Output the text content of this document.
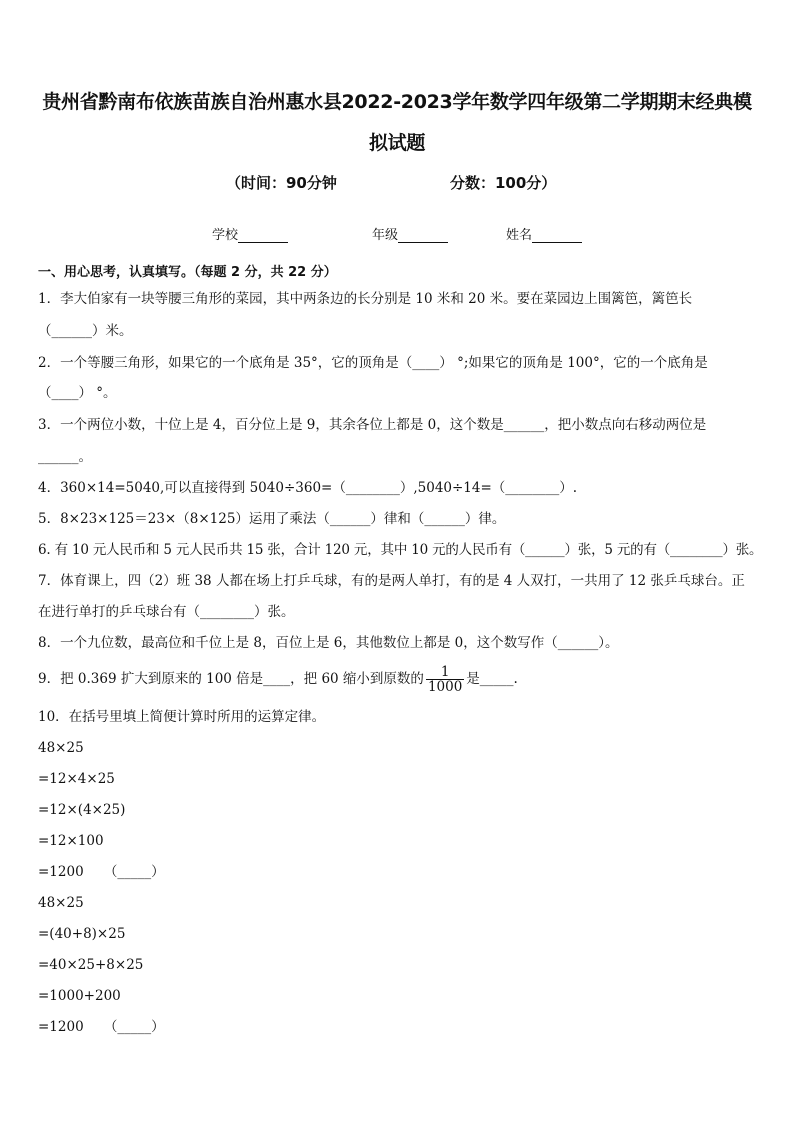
贵州省黔南布依族苗族自治州惠水县2022-2023学年数学四年级第二学期期末经典模
拟试题
（时间：90分钟	分数：100分）
学校	年级	姓名
一、用心思考，认真填写。（每题 2 分，共 22 分）
1．李大伯家有一块等腰三角形的菜园，其中两条边的长分别是 10 米和 20 米。要在菜园边上围篱笆，篱笆长
（______）米。
2．一个等腰三角形，如果它的一个底角是 35°，它的顶角是（____） °;如果它的顶角是 100°，它的一个底角是
（____） °。
3．一个两位小数，十位上是 4，百分位上是 9，其余各位上都是 0，这个数是______，把小数点向右移动两位是
______。
4．360×14=5040,可以直接得到 5040÷360=（________）,5040÷14=（________）.
5．8×23×125＝23×（8×125）运用了乘法（______）律和（______）律。
6. 有 10 元人民币和 5 元人民币共 15 张，合计 120 元，其中 10 元的人民币有（______）张，5 元的有（________）张。
7．体育课上，四（2）班 38 人都在场上打乒乓球，有的是两人单打，有的是 4 人双打，一共用了 12 张乒乓球台。正
在进行单打的乒乓球台有（________）张。
8．一个九位数，最高位和千位上是 8，百位上是 6，其他数位上都是 0，这个数写作（______）。
9．把 0.369 扩大到原来的 100 倍是____，把 60 缩小到原数的 $\frac{1}{1000}$ 是_____.
10．在括号里填上简便计算时所用的运算定律。
48×25
=12×4×25
=12×(4×25)
=12×100
=1200　　（_____）
48×25
=(40+8)×25
=40×25+8×25
=1000+200
=1200　　（_____）
